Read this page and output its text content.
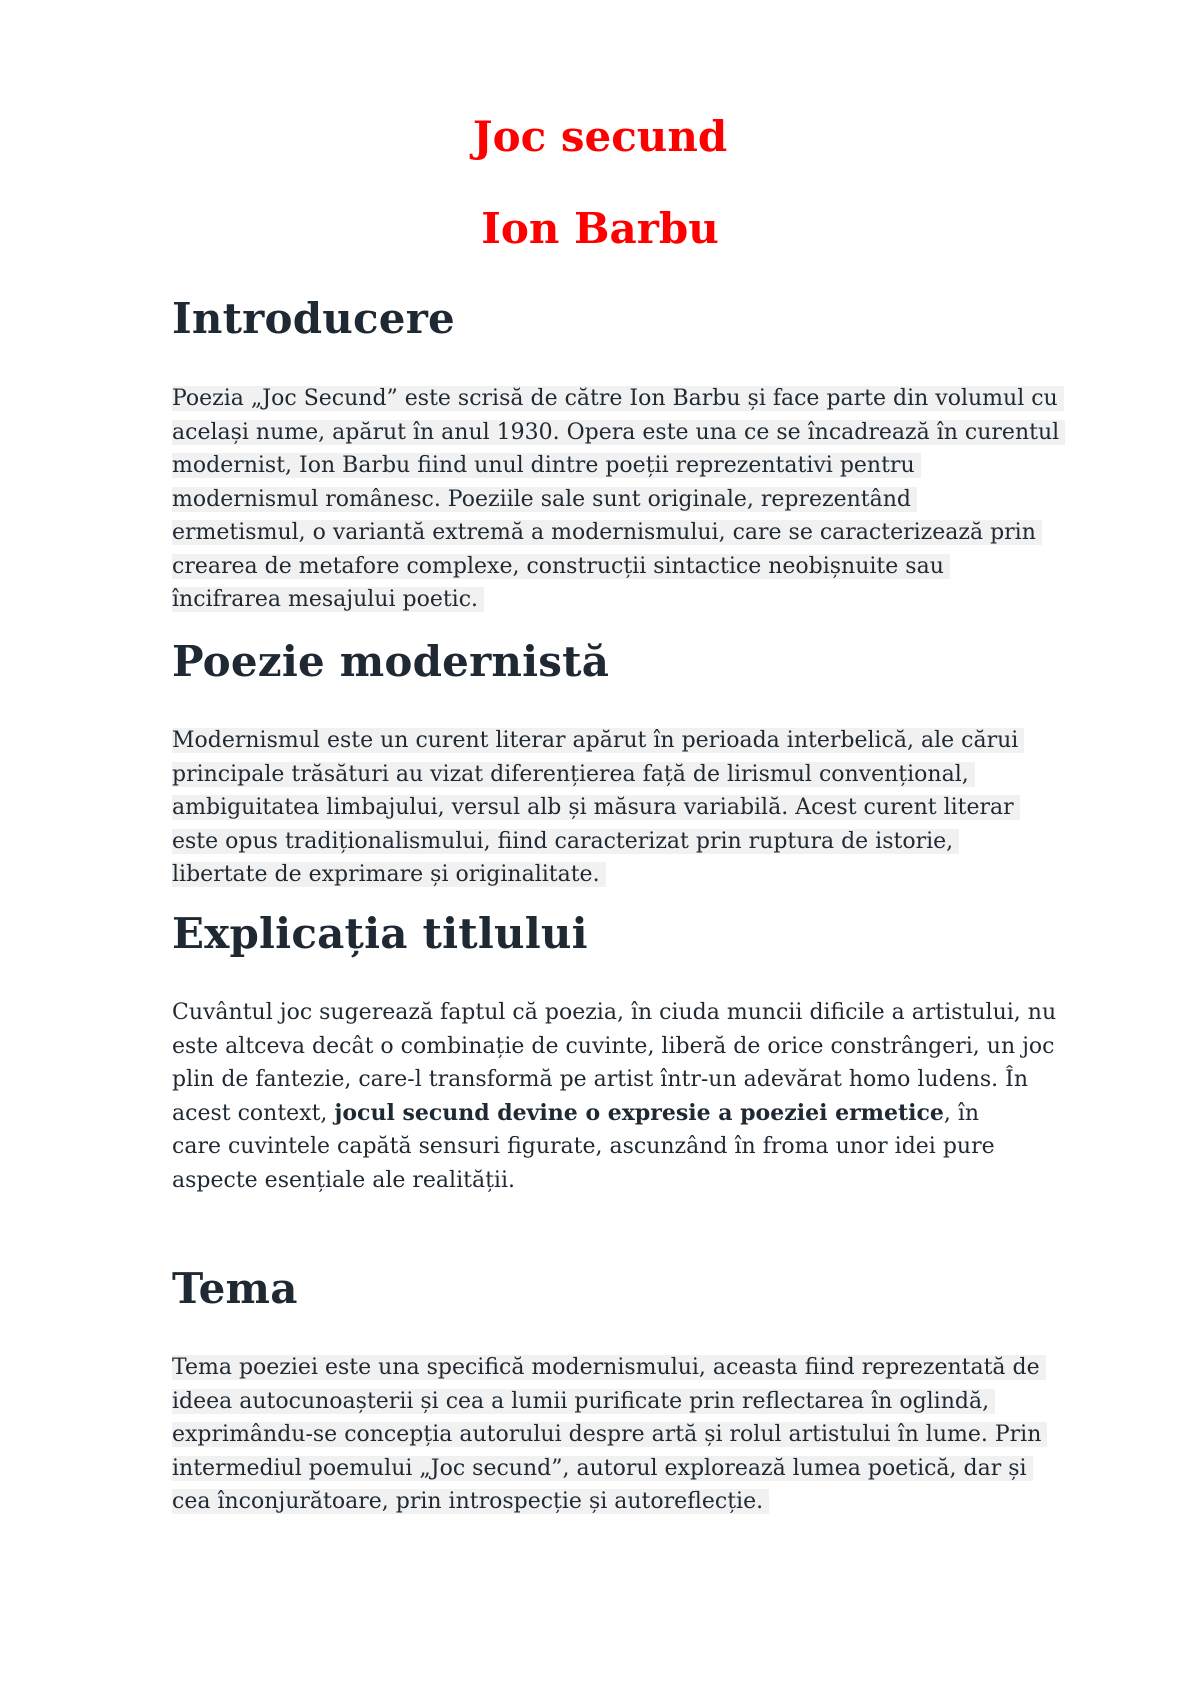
Joc secund
Ion Barbu
Introducere

Poezia „Joc Secund” este scrisă de către Ion Barbu și face parte din volumul cu
același nume, apărut în anul 1930. Opera este una ce se încadrează în curentul
modernist, Ion Barbu fiind unul dintre poeții reprezentativi pentru
modernismul românesc. Poeziile sale sunt originale, reprezentând
ermetismul, o variantă extremă a modernismului, care se caracterizează prin
crearea de metafore complexe, construcții sintactice neobișnuite sau
încifrarea mesajului poetic.

Poezie modernistă

Modernismul este un curent literar apărut în perioada interbelică, ale cărui
principale trăsături au vizat diferențierea față de lirismul convențional,
ambiguitatea limbajului, versul alb și măsura variabilă. Acest curent literar
este opus tradiționalismului, fiind caracterizat prin ruptura de istorie,
libertate de exprimare și originalitate.

Explicația titlului

Cuvântul joc sugerează faptul că poezia, în ciuda muncii dificile a artistului, nu
este altceva decât o combinație de cuvinte, liberă de orice constrângeri, un joc
plin de fantezie, care-l transformă pe artist într-un adevărat homo ludens. În
acest context, jocul secund devine o expresie a poeziei ermetice, în
care cuvintele capătă sensuri figurate, ascunzând în froma unor idei pure
aspecte esențiale ale realității.

Tema

Tema poeziei este una specifică modernismului, aceasta fiind reprezentată de
ideea autocunoașterii și cea a lumii purificate prin reflectarea în oglindă,
exprimându-se concepția autorului despre artă și rolul artistului în lume. Prin
intermediul poemului „Joc secund”, autorul explorează lumea poetică, dar și
cea înconjurătoare, prin introspecție și autoreflecție.
